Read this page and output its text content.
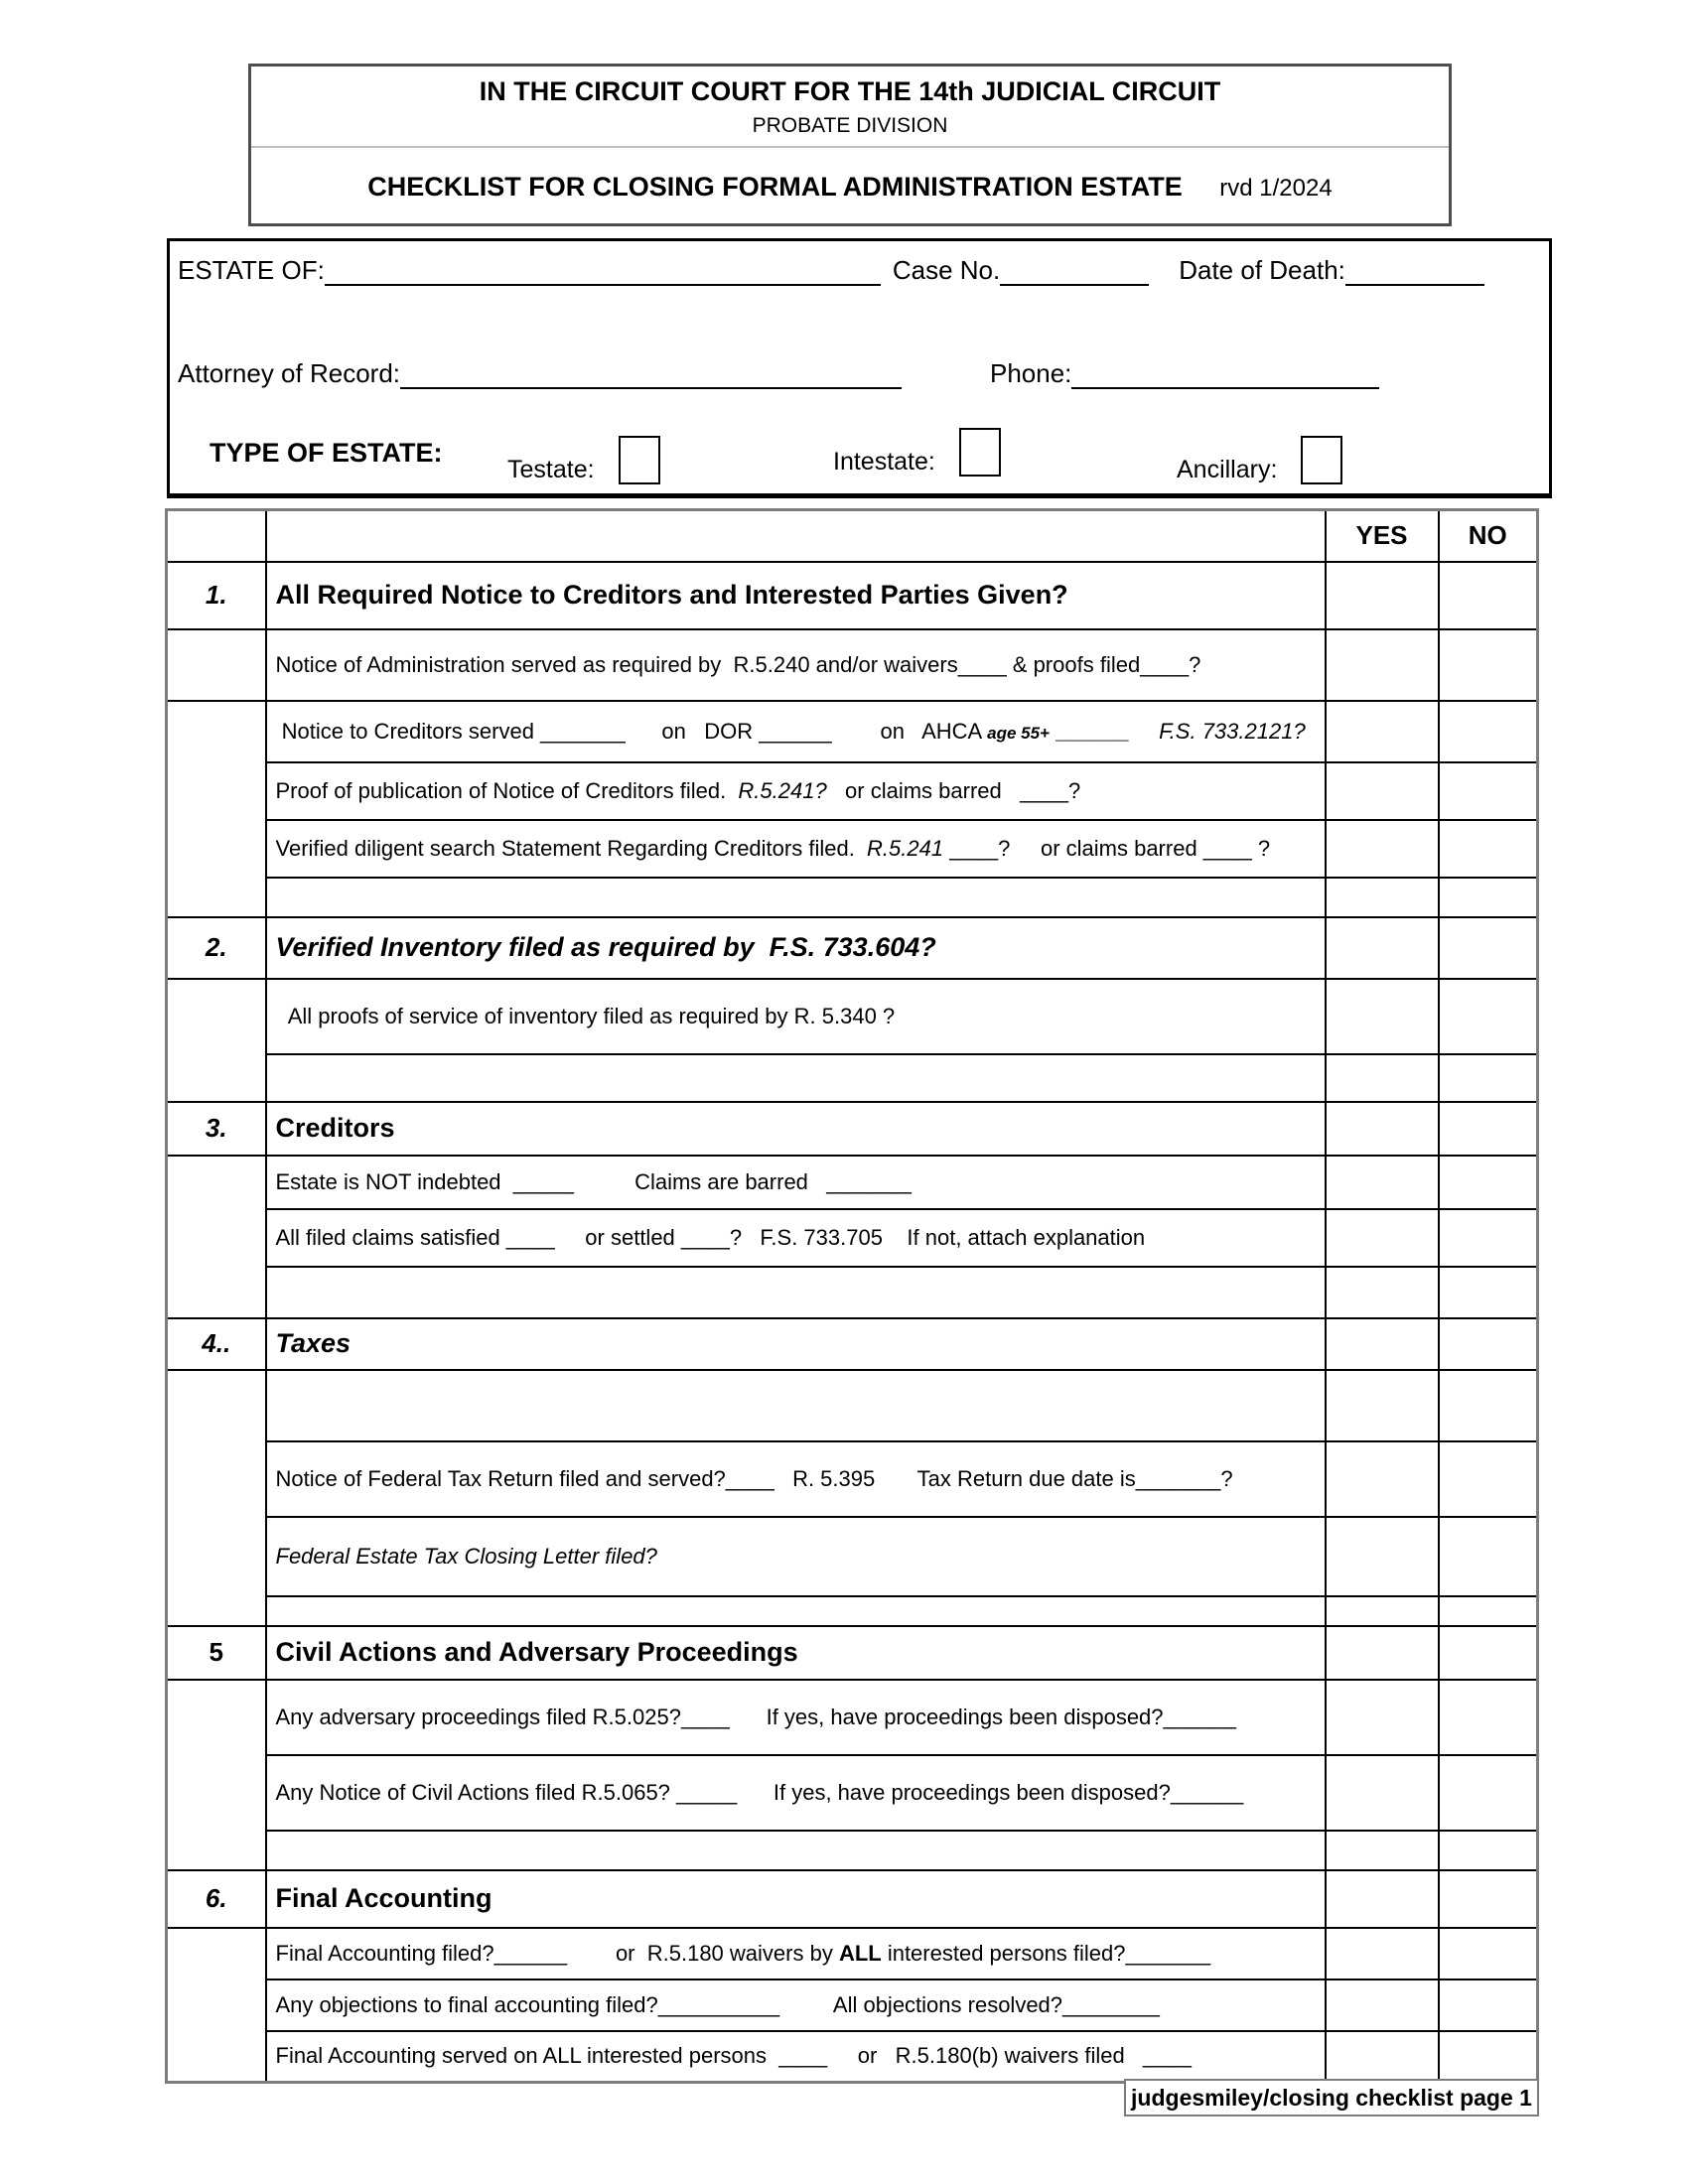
IN THE CIRCUIT COURT FOR THE 14th JUDICIAL CIRCUIT
PROBATE DIVISION
CHECKLIST FOR CLOSING FORMAL ADMINISTRATION ESTATE rvd 1/2024
ESTATE OF:	Case No.	Date of Death:
Attorney of Record:	Phone:
TYPE OF ESTATE:
Testate:	Intestate:	Ancillary:
		YES	NO
1.	All Required Notice to Creditors and Interested Parties Given?		
	Notice of Administration served as required by  R.5.240 and/or waivers____ & proofs filed____?		
	Notice to Creditors served _______      on   DOR ______        on   AHCA age 55+ ______     F.S. 733.2121?		
	Proof of publication of Notice of Creditors filed.  R.5.241?   or claims barred   ____?		
	Verified diligent search Statement Regarding Creditors filed.  R.5.241 ____?     or claims barred ____ ?		

2.	Verified Inventory filed as required by  F.S. 733.604?		
	All proofs of service of inventory filed as required by R. 5.340 ?		

3.	Creditors		
	Estate is NOT indebted  _____          Claims are barred   _______		
	All filed claims satisfied ____     or settled ____?   F.S. 733.705    If not, attach explanation		

4..	Taxes		

	Notice of Federal Tax Return filed and served?____   R. 5.395       Tax Return due date is_______?		
	Federal Estate Tax Closing Letter filed?		

5	Civil Actions and Adversary Proceedings		
	Any adversary proceedings filed R.5.025?____      If yes, have proceedings been disposed?______		
	Any Notice of Civil Actions filed R.5.065? _____      If yes, have proceedings been disposed?______		

6.	Final Accounting		
	Final Accounting filed?______        or  R.5.180 waivers by ALL interested persons filed?_______		
	Any objections to final accounting filed?__________         All objections resolved?________		
	Final Accounting served on ALL interested persons  ____     or   R.5.180(b) waivers filed   ____		
judgesmiley/closing checklist page 1
